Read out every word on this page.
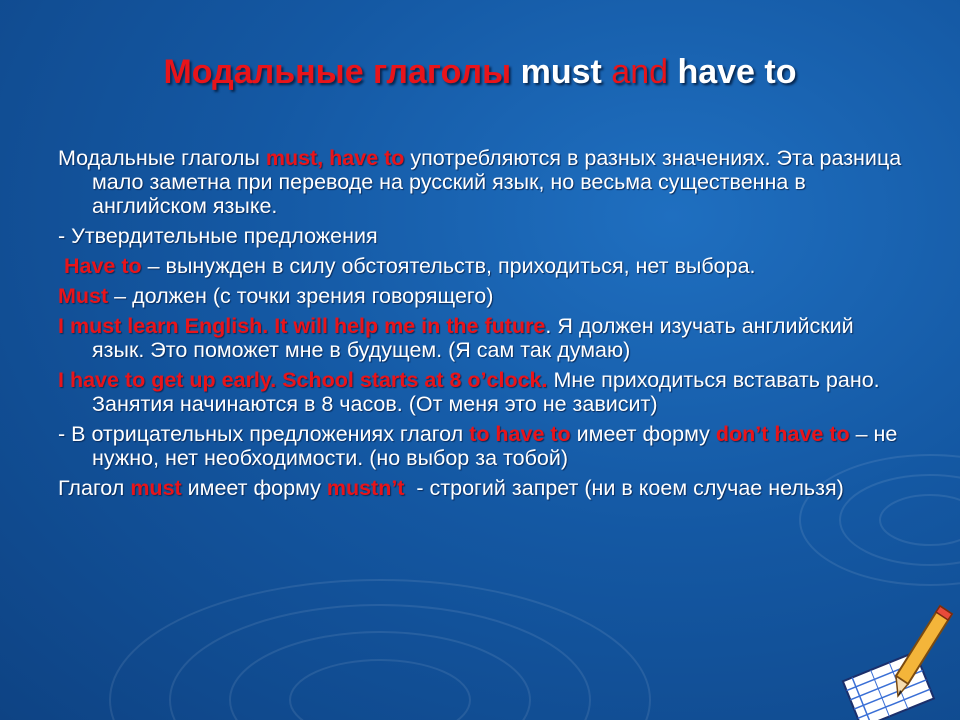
Модальные глаголы must and have to

Модальные глаголы must, have to употребляются в разных значениях. Эта разница мало заметна при переводе на русский язык, но весьма существенна в английском языке.

- Утвердительные предложения

Have to – вынужден в силу обстоятельств, приходиться, нет выбора.

Must – должен (с точки зрения говорящего)

I must learn English. It will help me in the future. Я должен изучать английский язык. Это поможет мне в будущем. (Я сам так думаю)

I have to get up early. School starts at 8 o’clock. Мне приходиться вставать рано. Занятия начинаются в 8 часов. (От меня это не зависит)

- В отрицательных предложениях глагол to have to имеет форму don’t have to – не нужно, нет необходимости. (но выбор за тобой)

Глагол must имеет форму mustn’t  - строгий запрет (ни в коем случае нельзя)
